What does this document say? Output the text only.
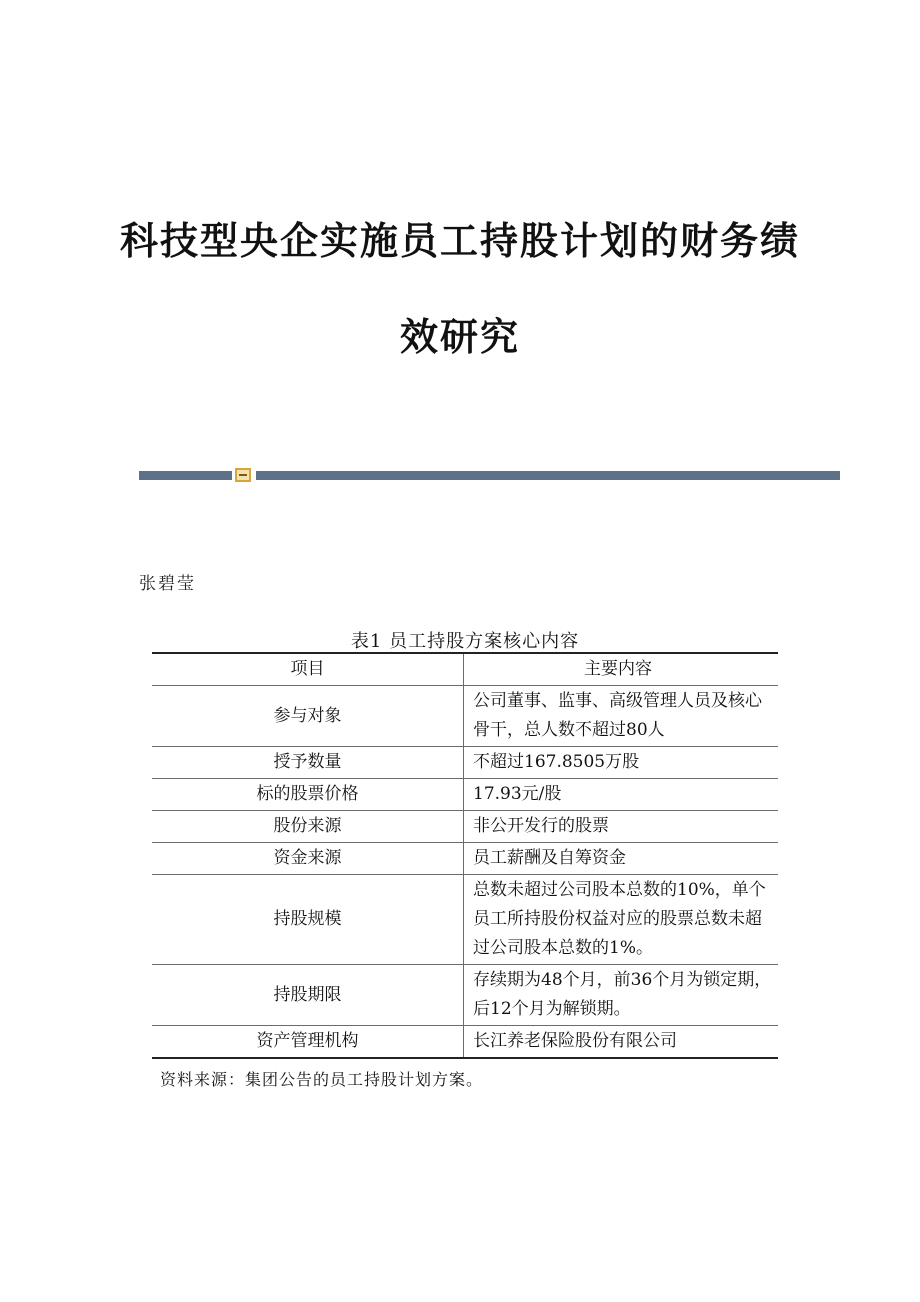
科技型央企实施员工持股计划的财务绩
效研究
张碧莹
表1 员工持股方案核心内容
项目	主要内容
参与对象	公司董事、监事、高级管理人员及核心骨干，总人数不超过80人
授予数量	不超过167.8505万股
标的股票价格	17.93元/股
股份来源	非公开发行的股票
资金来源	员工薪酬及自筹资金
持股规模	总数未超过公司股本总数的10%，单个员工所持股份权益对应的股票总数未超过公司股本总数的1%。
持股期限	存续期为48个月，前36个月为锁定期，后12个月为解锁期。
资产管理机构	长江养老保险股份有限公司
资料来源：集团公告的员工持股计划方案。
